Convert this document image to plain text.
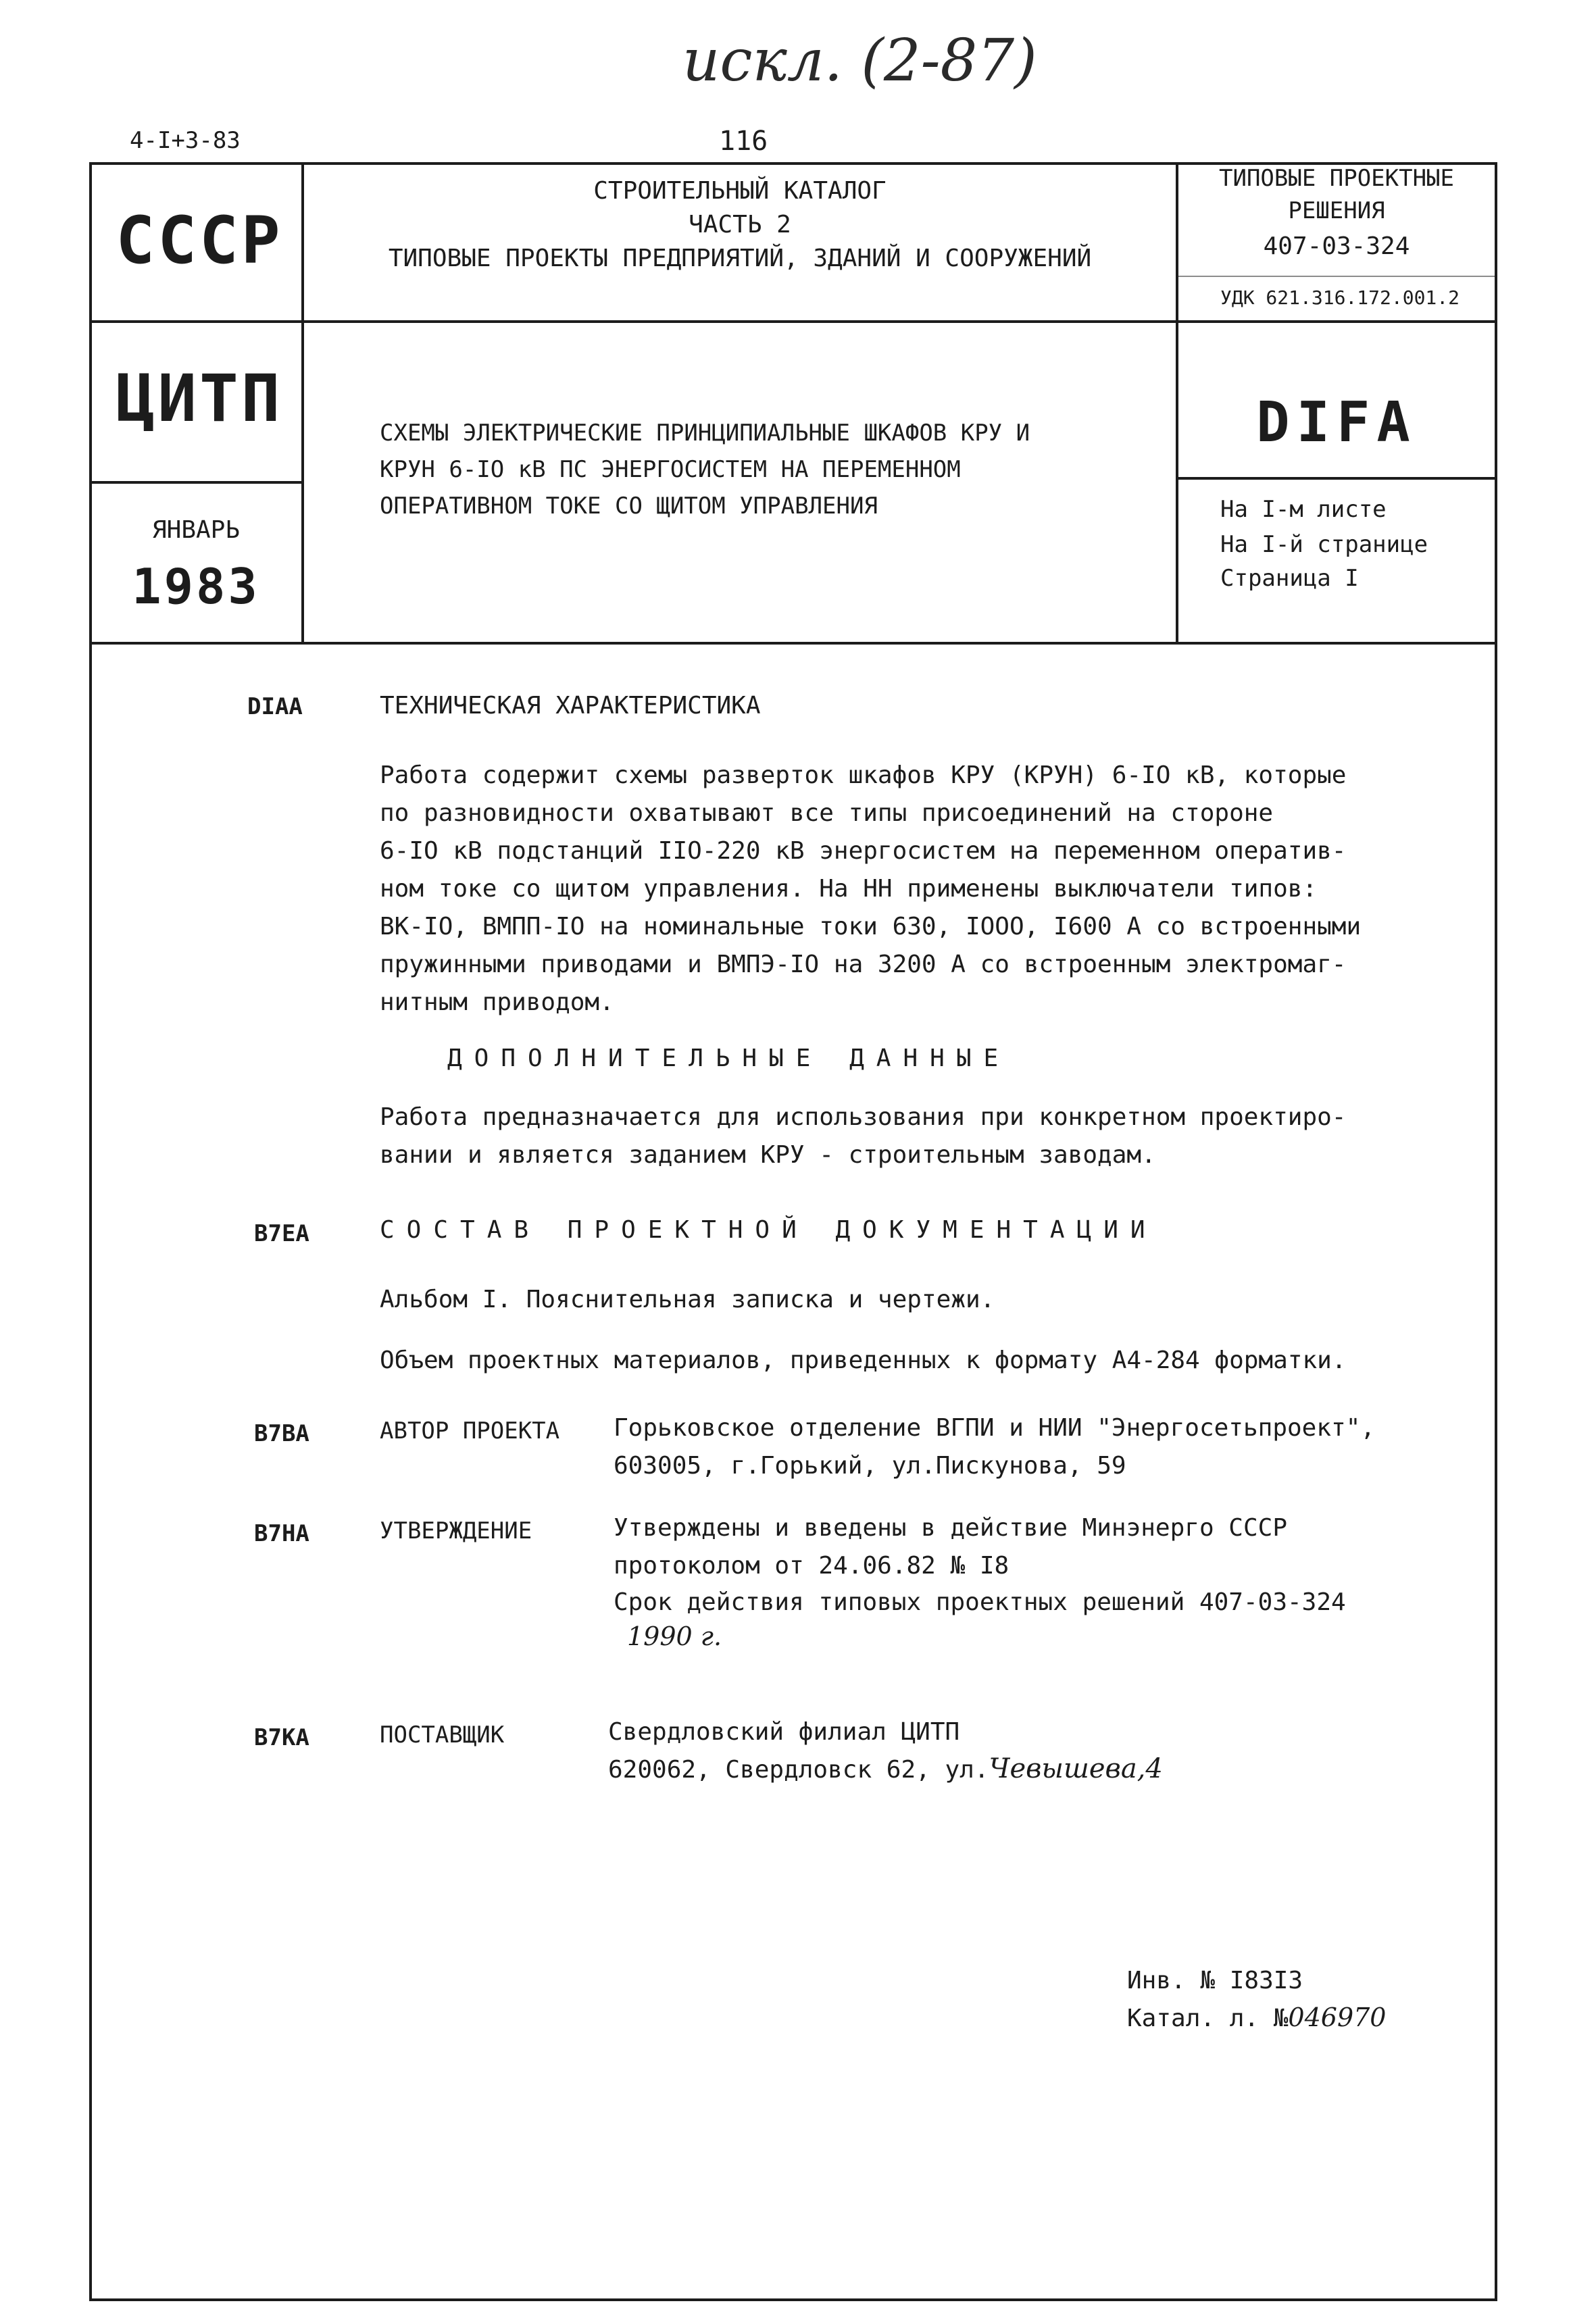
искл. (2-87)
4-I+3-83	116
СССР
СТРОИТЕЛЬНЫЙ КАТАЛОГ
ЧАСТЬ 2
ТИПОВЫЕ ПРОЕКТЫ ПРЕДПРИЯТИЙ, ЗДАНИЙ И СООРУЖЕНИЙ
ТИПОВЫЕ ПРОЕКТНЫЕ
РЕШЕНИЯ
407-03-324
УДК 621.316.172.001.2
ЦИТП	СХЕМЫ ЭЛЕКТРИЧЕСКИЕ ПРИНЦИПИАЛЬНЫЕ ШКАФОВ КРУ И
КРУН 6-IO кВ ПС ЭНЕРГОСИСТЕМ НА ПЕРЕМЕННОМ
ОПЕРАТИВНОМ ТОКЕ СО ЩИТОМ УПРАВЛЕНИЯ
DIFA
ЯНВАРЬ
1983
На I-м листе
На I-й странице
Страница I
DIAA	ТЕХНИЧЕСКАЯ ХАРАКТЕРИСТИКА
Работа содержит схемы разверток шкафов КРУ (КРУН) 6-IO кВ, которые
по разновидности охватывают все типы присоединений на стороне
6-IO кВ подстанций IIO-220 кВ энергосистем на переменном оператив-
ном токе со щитом управления. На НН применены выключатели типов:
ВК-IO, ВМПП-IO на номинальные токи 630, IOOO, I600 А со встроенными
пружинными приводами и ВМПЭ-IO на 3200 А со встроенным электромаг-
нитным приводом.
ДОПОЛНИТЕЛЬНЫЕ ДАННЫЕ
Работа предназначается для использования при конкретном проектиро-
вании и является заданием КРУ - строительным заводам.
B7EA	СОСТАВ ПРОЕКТНОЙ ДОКУМЕНТАЦИИ
Альбом I. Пояснительная записка и чертежи.
Объем проектных материалов, приведенных к формату А4-284 форматки.
B7BA	АВТОР ПРОЕКТА Горьковское отделение ВГПИ и НИИ "Энергосетьпроект",
603005, г.Горький, ул.Пискунова, 59
B7HA	УТВЕРЖДЕНИЕ	Утверждены и введены в действие Минэнерго СССР
протоколом от 24.06.82 № I8
Срок действия типовых проектных решений 407-03-324
1990 г.
B7KA	ПОСТАВЩИК	Свердловский филиал ЦИТП
620062, Свердловск 62, ул.Чевышева,4
Инв. № I83I3
Катал. л. №046970
